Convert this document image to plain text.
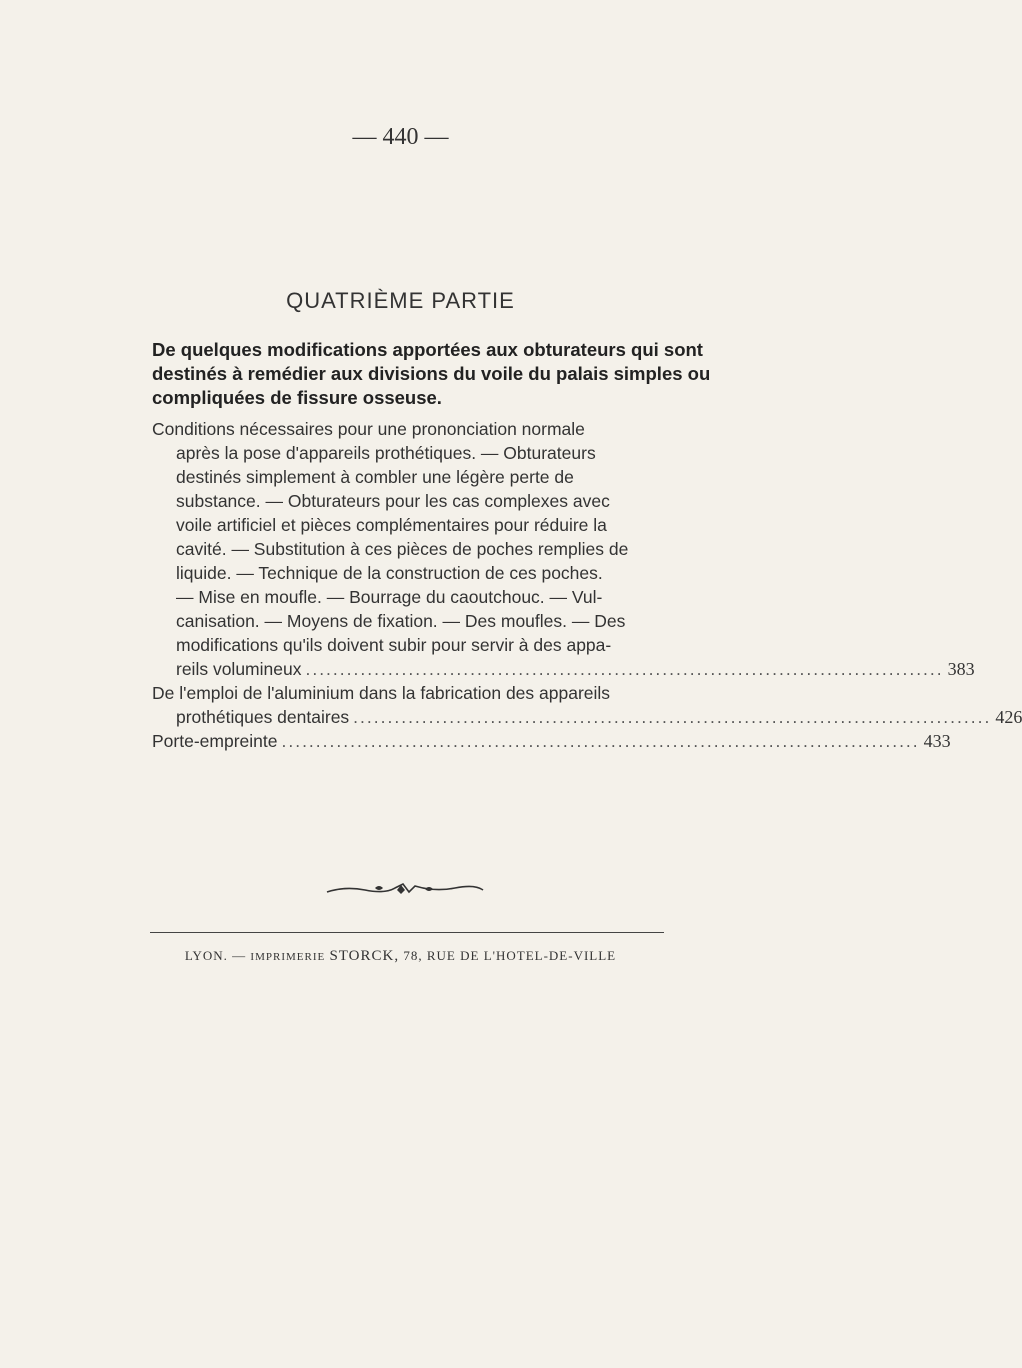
— 440 —
QUATRIÈME PARTIE
De quelques modifications apportées aux obturateurs qui sont destinés à remédier aux divisions du voile du palais simples ou compliquées de fissure osseuse.
Conditions nécessaires pour une prononciation normale
après la pose d'appareils prothétiques. — Obturateurs
destinés simplement à combler une légère perte de
substance. — Obturateurs pour les cas complexes avec
voile artificiel et pièces complémentaires pour réduire la
cavité. — Substitution à ces pièces de poches remplies de
liquide. — Technique de la construction de ces poches.
— Mise en moufle. — Bourrage du caoutchouc. — Vul-
canisation. — Moyens de fixation. — Des moufles. — Des
modifications qu'ils doivent subir pour servir à des appa-
reils volumineux ............................................................................................. 383
De l'emploi de l'aluminium dans la fabrication des appareils
prothétiques dentaires ............................................................................................. 426
Porte-empreinte ............................................................................................. 433
LYON. — IMPRIMERIE STORCK, 78, RUE DE L'HOTEL-DE-VILLE
